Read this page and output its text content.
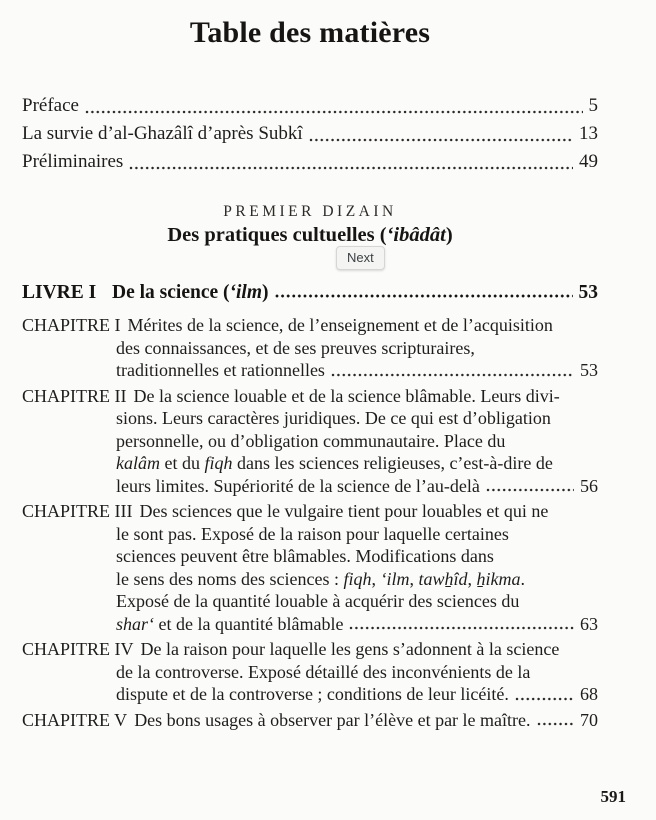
Table des matières
Préface	5
La survie d’al-Ghazâlî d’après Subkî	13
Préliminaires	49
PREMIER DIZAIN
Des pratiques cultuelles (‘ibâdât)
Next
LIVRE I De la science (‘ilm)	53
CHAPITRE I Mérites de la science, de l’enseignement et de l’acquisition
des connaissances, et de ses preuves scripturaires,
traditionnelles et rationnelles	53
CHAPITRE II De la science louable et de la science blâmable. Leurs divi-
sions. Leurs caractères juridiques. De ce qui est d’obligation
personnelle, ou d’obligation communautaire. Place du
kalâm et du fiqh dans les sciences religieuses, c’est-à-dire de
leurs limites. Supériorité de la science de l’au-delà	56
CHAPITRE III Des sciences que le vulgaire tient pour louables et qui ne
le sont pas. Exposé de la raison pour laquelle certaines
sciences peuvent être blâmables. Modifications dans
le sens des noms des sciences : fiqh, ‘ilm, tawẖîd, ẖikma.
Exposé de la quantité louable à acquérir des sciences du
shar‘ et de la quantité blâmable	63
CHAPITRE IV De la raison pour laquelle les gens s’adonnent à la science
de la controverse. Exposé détaillé des inconvénients de la
dispute et de la controverse ; conditions de leur licéité.	68
CHAPITRE V Des bons usages à observer par l’élève et par le maître.	70
591
